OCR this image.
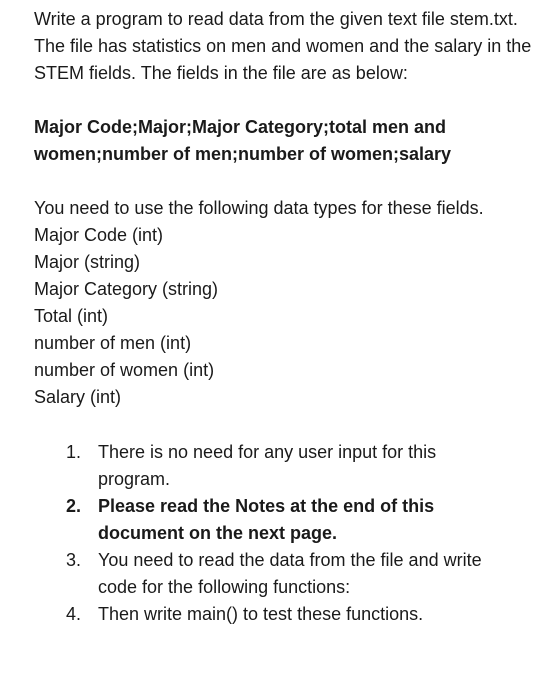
Write a program to read data from the given text file stem.txt. The file has statistics on men and women and the salary in the STEM fields. The fields in the file are as below:

Major Code;Major;Major Category;total men and women;number of men;number of women;salary

You need to use the following data types for these fields.

Major Code (int)
Major (string)
Major Category (string)
Total (int)
number of men (int)
number of women (int)
Salary (int)
1. There is no need for any user input for this program.
2. Please read the Notes at the end of this document on the next page.
3. You need to read the data from the file and write code for the following functions:
4. Then write main() to test these functions.
